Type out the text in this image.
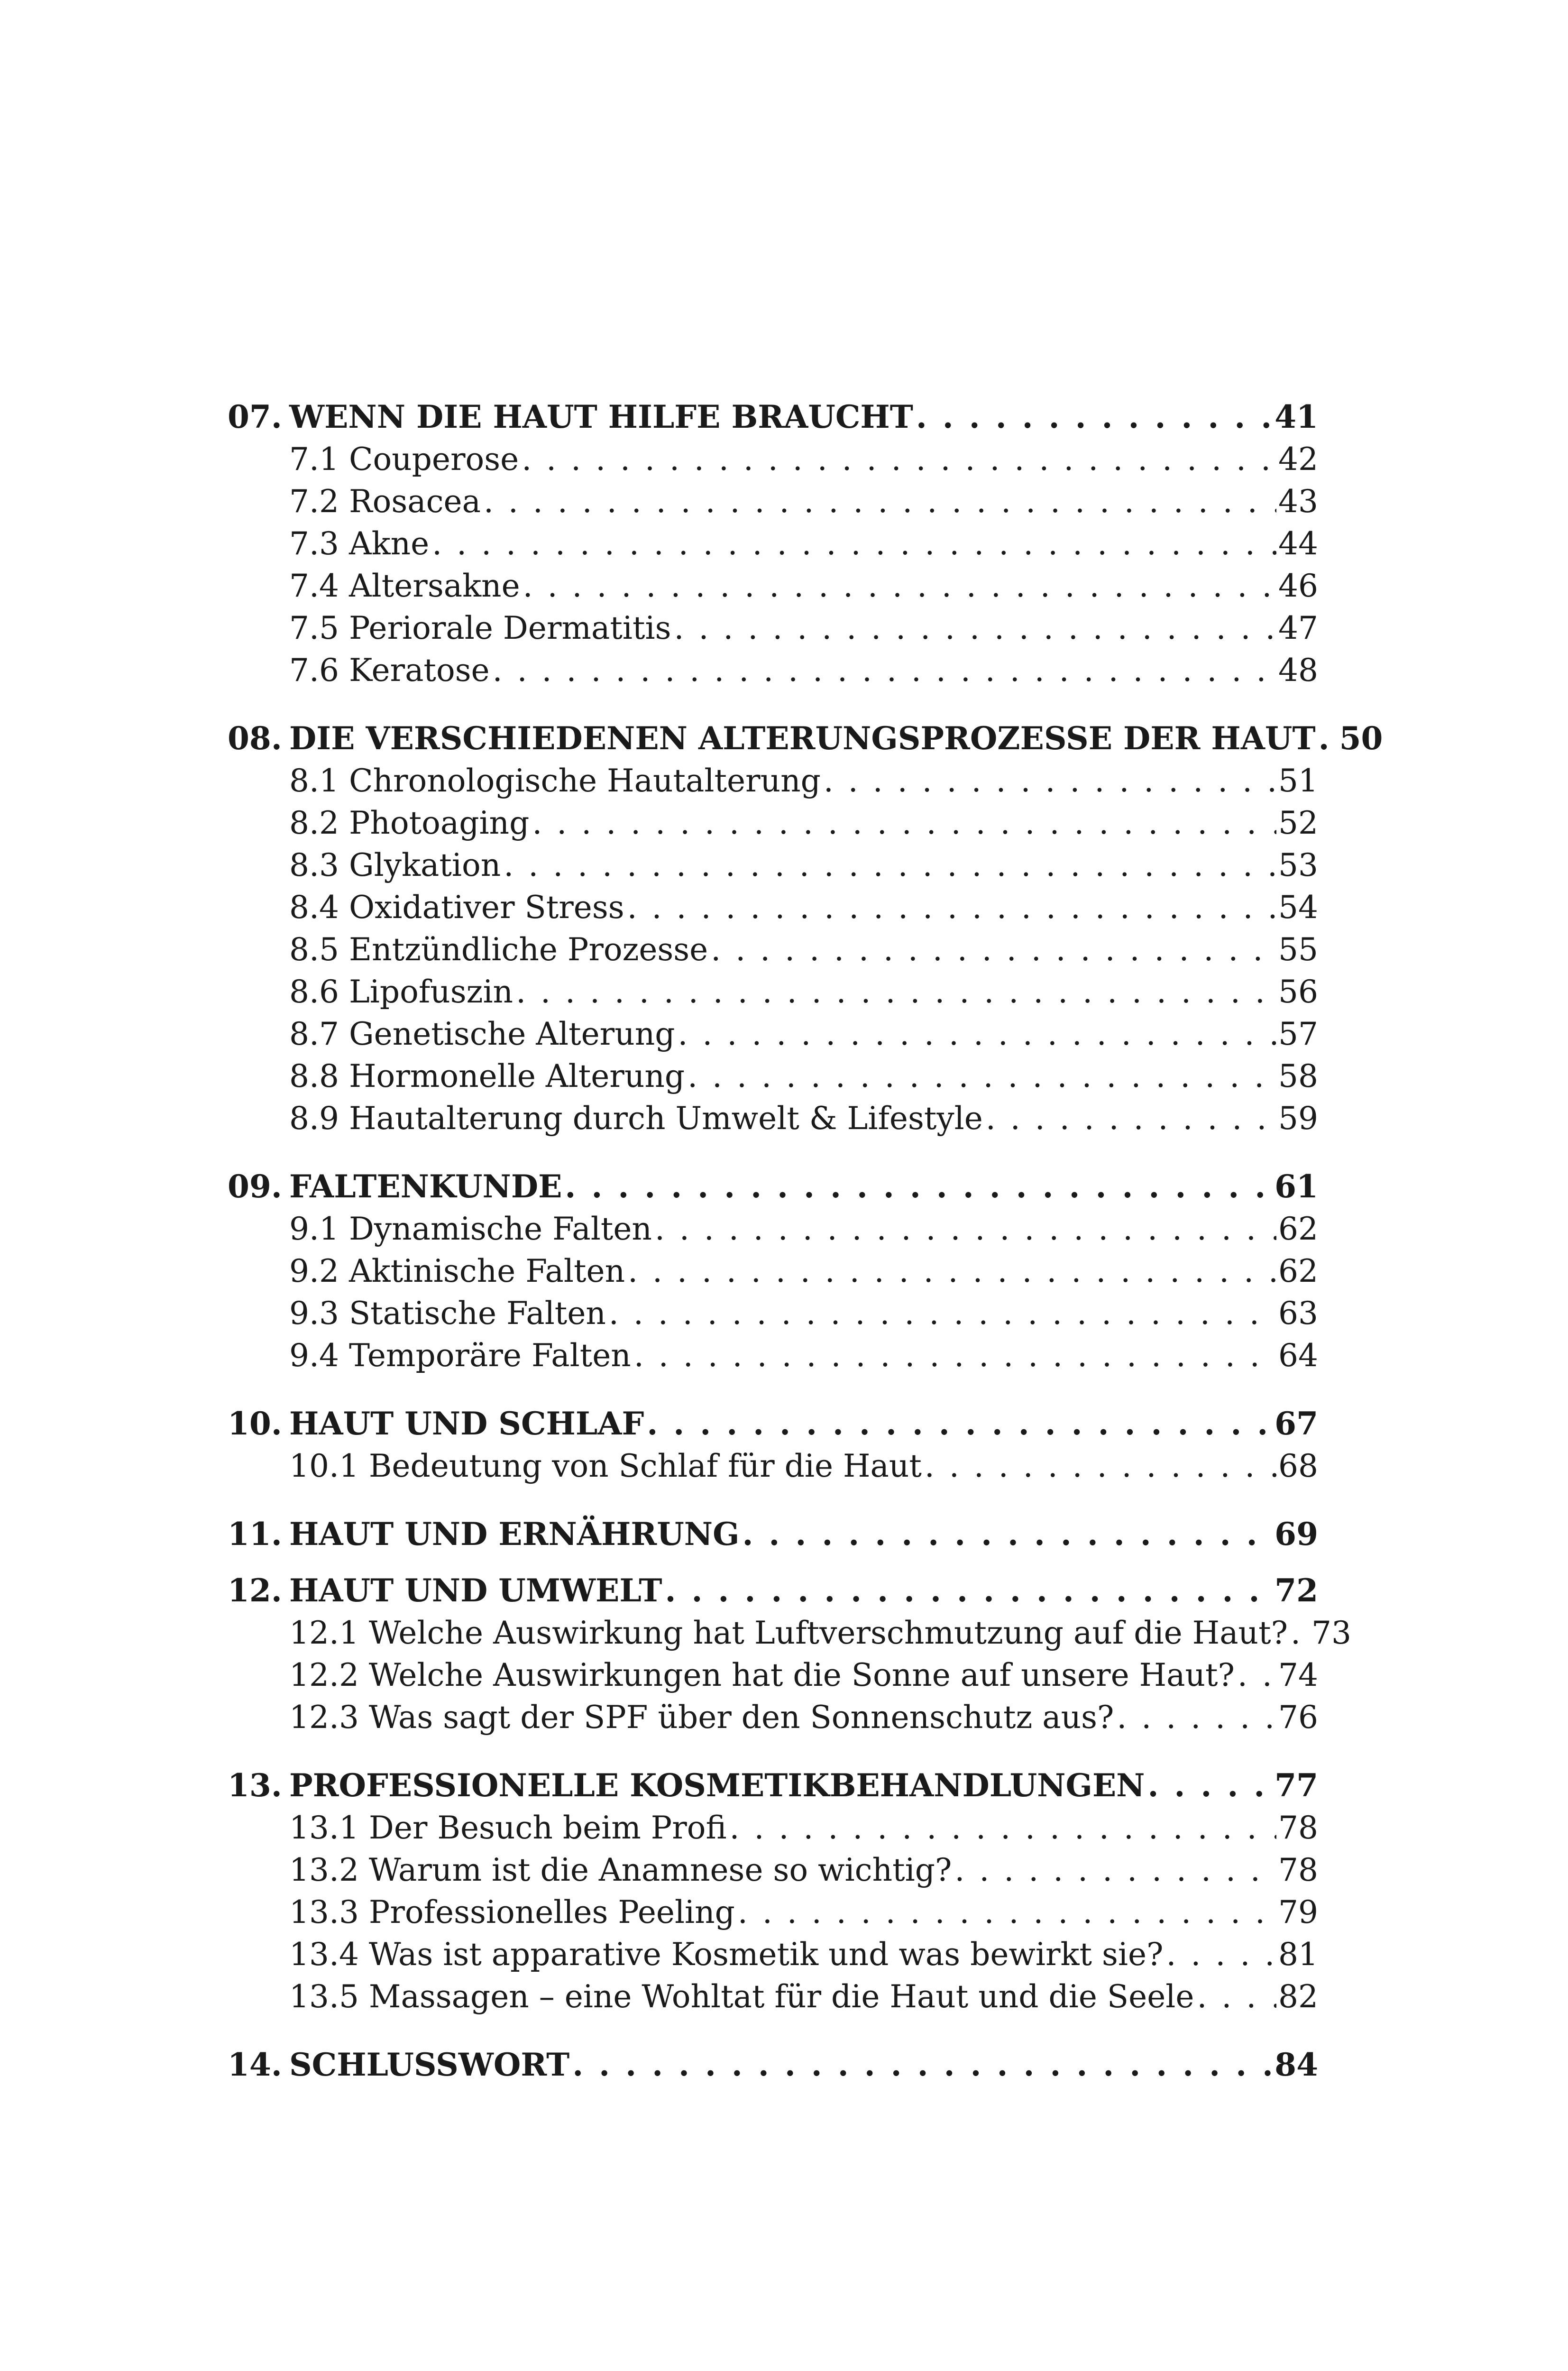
07. WENN DIE HAUT HILFE BRAUCHT . . .	41
7.1 Couperose . . .	42
7.2 Rosacea . . .	43
7.3 Akne . . .	44
7.4 Altersakne . . .	46
7.5 Periorale Dermatitis . . .	47
7.6 Keratose . . .	48
08. DIE VERSCHIEDENEN ALTERUNGSPROZESSE DER HAUT . . . 50
8.1 Chronologische Hautalterung . . .	51
8.2 Photoaging . . .	52
8.3 Glykation . . .	53
8.4 Oxidativer Stress . . .	54
8.5 Entzündliche Prozesse . . .	55
8.6 Lipofuszin . . .	56
8.7 Genetische Alterung . . .	57
8.8 Hormonelle Alterung . . .	58
8.9 Hautalterung durch Umwelt & Lifestyle . . .	59
09. FALTENKUNDE . . .	61
9.1 Dynamische Falten . . .	62
9.2 Aktinische Falten . . .	62
9.3 Statische Falten . . .	63
9.4 Temporäre Falten . . .	64
10. HAUT UND SCHLAF . . .	67
10.1 Bedeutung von Schlaf für die Haut . . .	68
11. HAUT UND ERNÄHRUNG . . .	69
12. HAUT UND UMWELT . . .	72
12.1 Welche Auswirkung hat Luftverschmutzung auf die Haut? . . . 73
12.2 Welche Auswirkungen hat die Sonne auf unsere Haut? . . . 74
12.3 Was sagt der SPF über den Sonnenschutz aus? . . .	76
13. PROFESSIONELLE KOSMETIKBEHANDLUNGEN . . .	77
13.1 Der Besuch beim Profi . . .	78
13.2 Warum ist die Anamnese so wichtig? . . .	78
13.3 Professionelles Peeling . . .	79
13.4 Was ist apparative Kosmetik und was bewirkt sie? . . .	81
13.5 Massagen – eine Wohltat für die Haut und die Seele . . .	82
14. SCHLUSSWORT . . .	84
